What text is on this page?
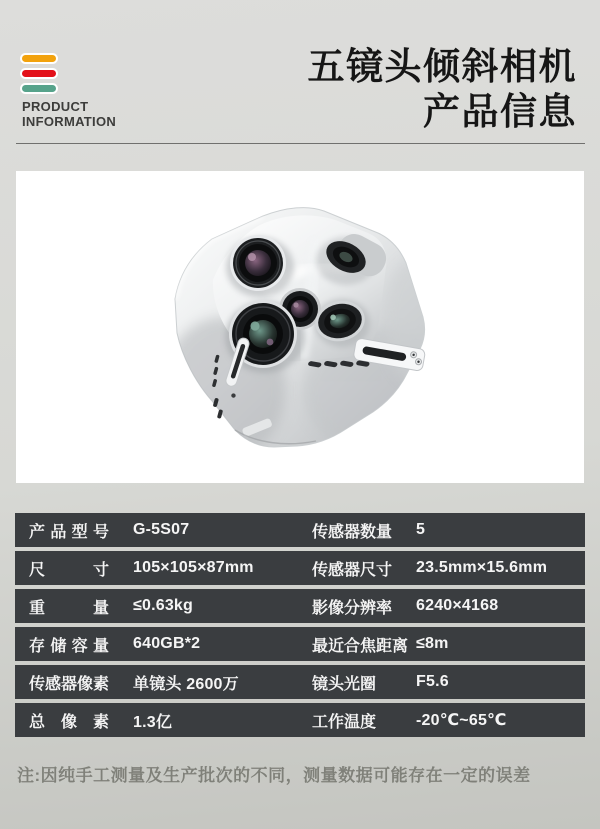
PRODUCT
INFORMATION
五镜头倾斜相机
产品信息
产品型号 G-5S07	传感器数量	5
尺寸 105×105×87mm	传感器尺寸	23.5mm×15.6mm
重量 ≤0.63kg	影像分辨率	6240×4168
存储容量 640GB*2	最近合焦距离 ≤8m
传感器像素 单镜头 2600万	镜头光圈	F5.6
总像素 1.3亿	工作温度	-20℃~65℃
注:因纯手工测量及生产批次的不同，测量数据可能存在一定的误差
